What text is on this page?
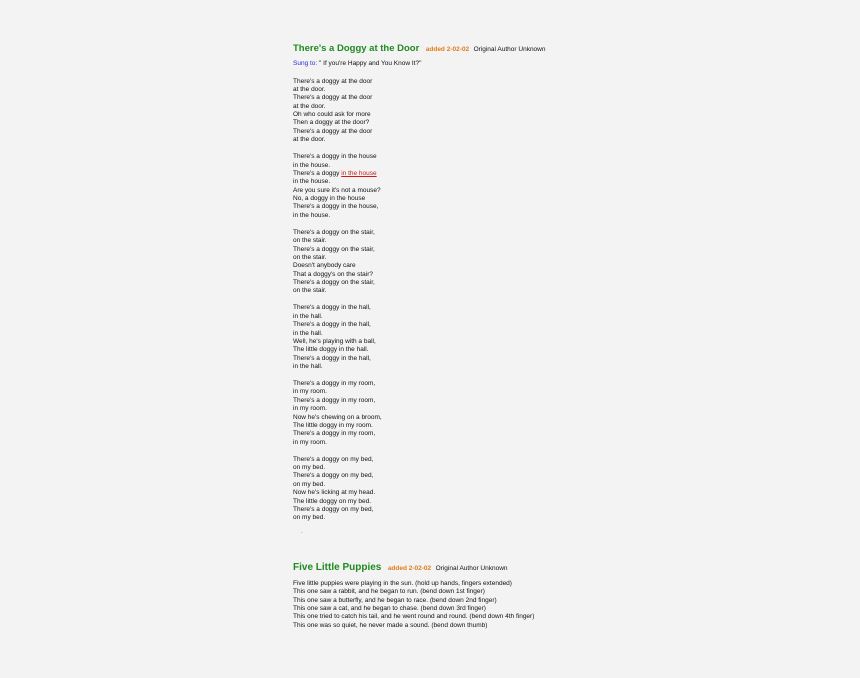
There's a Doggy at the Door added 2-02-02 Original Author Unknown
Sung to: " If you're Happy and You Know It?"
There's a doggy at the door
at the door.
There's a doggy at the door
at the door.
Oh who could ask for more
Then a doggy at the door?
There's a doggy at the door
at the door.
There's a doggy in the house
in the house.
There's a doggy in the house
in the house.
Are you sure it's not a mouse?
No, a doggy in the house
There's a doggy in the house,
in the house.
There's a doggy on the stair,
on the stair.
There's a doggy on the stair,
on the stair.
Doesn't anybody care
That a doggy's on the stair?
There's a doggy on the stair,
on the stair.
There's a doggy in the hall,
in the hall.
There's a doggy in the hall,
in the hall.
Well, he's playing with a ball,
The little doggy in the hall.
There's a doggy in the hall,
in the hall.
There's a doggy in my room,
in my room.
There's a doggy in my room,
in my room.
Now he's chewing on a broom,
The little doggy in my room.
There's a doggy in my room,
in my room.
There's a doggy on my bed,
on my bed.
There's a doggy on my bed,
on my bed.
Now he's licking at my head.
The little doggy on my bed.
There's a doggy on my bed,
on my bed.
.
Five Little Puppies added 2-02-02 Original Author Unknown
Five little puppies were playing in the sun. (hold up hands, fingers extended)
This one saw a rabbit, and he began to run. (bend down 1st finger)
This one saw a butterfly, and he began to race. (bend down 2nd finger)
This one saw a cat, and he began to chase. (bend down 3rd finger)
This one tried to catch his tail, and he went round and round. (bend down 4th finger)
This one was so quiet, he never made a sound. (bend down thumb)
